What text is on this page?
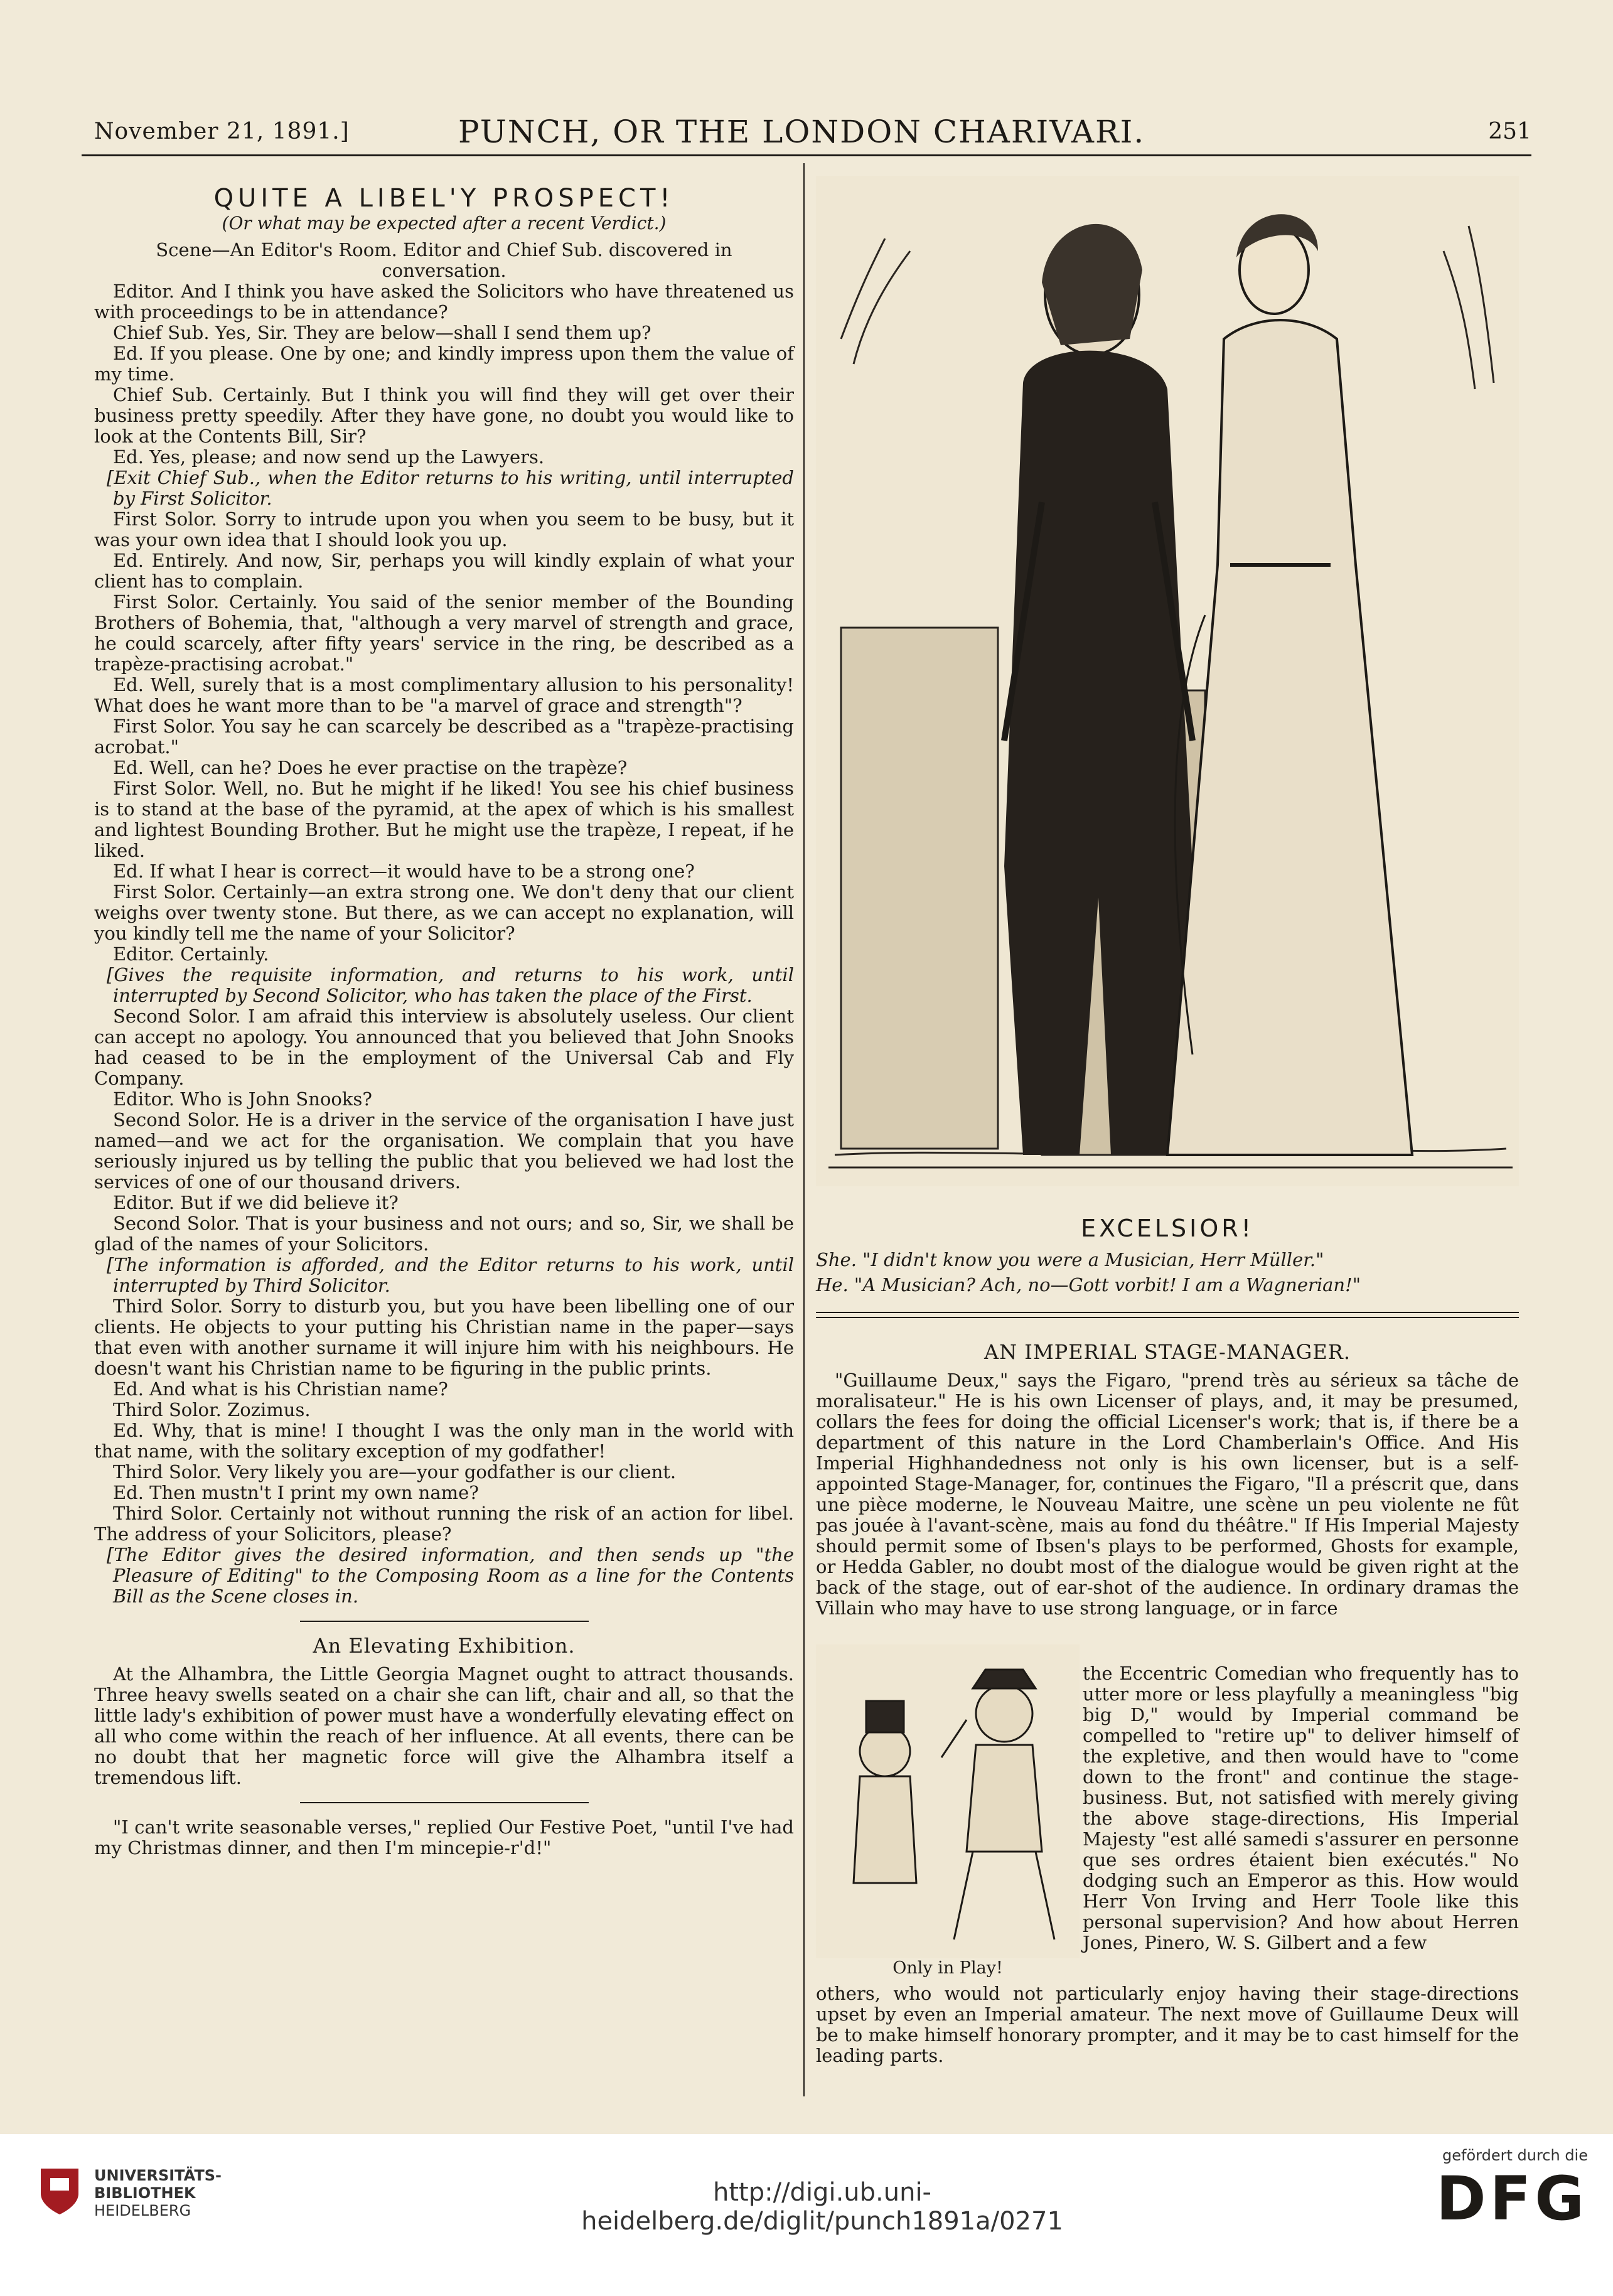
November 21, 1891.]	PUNCH, OR THE LONDON CHARIVARI.	251
QUITE A LIBEL'Y PROSPECT!
(Or what may be expected after a recent Verdict.)

Scene—An Editor's Room. Editor and Chief Sub. discovered in conversation.

Editor. And I think you have asked the Solicitors who have threatened us with proceedings to be in attendance?

Chief Sub. Yes, Sir. They are below—shall I send them up?

Ed. If you please. One by one; and kindly impress upon them the value of my time.

Chief Sub. Certainly. But I think you will find they will get over their business pretty speedily. After they have gone, no doubt you would like to look at the Contents Bill, Sir?

Ed. Yes, please; and now send up the Lawyers.

[Exit Chief Sub., when the Editor returns to his writing, until interrupted by First Solicitor.

First Solor. Sorry to intrude upon you when you seem to be busy, but it was your own idea that I should look you up.

Ed. Entirely. And now, Sir, perhaps you will kindly explain of what your client has to complain.

First Solor. Certainly. You said of the senior member of the Bounding Brothers of Bohemia, that, "although a very marvel of strength and grace, he could scarcely, after fifty years' service in the ring, be described as a trapèze-practising acrobat."

Ed. Well, surely that is a most complimentary allusion to his personality! What does he want more than to be "a marvel of grace and strength"?

First Solor. You say he can scarcely be described as a "trapèze-practising acrobat."

Ed. Well, can he? Does he ever practise on the trapèze?

First Solor. Well, no. But he might if he liked! You see his chief business is to stand at the base of the pyramid, at the apex of which is his smallest and lightest Bounding Brother. But he might use the trapèze, I repeat, if he liked.

Ed. If what I hear is correct—it would have to be a strong one?

First Solor. Certainly—an extra strong one. We don't deny that our client weighs over twenty stone. But there, as we can accept no explanation, will you kindly tell me the name of your Solicitor?

Editor. Certainly.

[Gives the requisite information, and returns to his work, until interrupted by Second Solicitor, who has taken the place of the First.

Second Solor. I am afraid this interview is absolutely useless. Our client can accept no apology. You announced that you believed that John Snooks had ceased to be in the employment of the Universal Cab and Fly Company.

Editor. Who is John Snooks?

Second Solor. He is a driver in the service of the organisation I have just named—and we act for the organisation. We complain that you have seriously injured us by telling the public that you believed we had lost the services of one of our thousand drivers.

Editor. But if we did believe it?

Second Solor. That is your business and not ours; and so, Sir, we shall be glad of the names of your Solicitors.

[The information is afforded, and the Editor returns to his work, until interrupted by Third Solicitor.

Third Solor. Sorry to disturb you, but you have been libelling one of our clients. He objects to your putting his Christian name in the paper—says that even with another surname it will injure him with his neighbours. He doesn't want his Christian name to be figuring in the public prints.

Ed. And what is his Christian name?

Third Solor. Zozimus.

Ed. Why, that is mine! I thought I was the only man in the world with that name, with the solitary exception of my godfather!

Third Solor. Very likely you are—your godfather is our client.

Ed. Then mustn't I print my own name?

Third Solor. Certainly not without running the risk of an action for libel. The address of your Solicitors, please?

[The Editor gives the desired information, and then sends up "the Pleasure of Editing" to the Composing Room as a line for the Contents Bill as the Scene closes in.

An Elevating Exhibition.

At the Alhambra, the Little Georgia Magnet ought to attract thousands. Three heavy swells seated on a chair she can lift, chair and all, so that the little lady's exhibition of power must have a wonderfully elevating effect on all who come within the reach of her influence. At all events, there can be no doubt that her magnetic force will give the Alhambra itself a tremendous lift.

"I can't write seasonable verses," replied Our Festive Poet, "until I've had my Christmas dinner, and then I'm mincepie-r'd!"

EXCELSIOR!
She. "I didn't know you were a Musician, Herr Müller."
He. "A Musician? Ach, no—Gott vorbit! I am a Wagnerian!"
AN IMPERIAL STAGE-MANAGER.

"Guillaume Deux," says the Figaro, "prend très au sérieux sa tâche de moralisateur." He is his own Licenser of plays, and, it may be presumed, collars the fees for doing the official Licenser's work; that is, if there be a department of this nature in the Lord Chamberlain's Office. And His Imperial Highhandedness not only is his own licenser, but is a self-appointed Stage-Manager, for, continues the Figaro, "Il a préscrit que, dans une pièce moderne, le Nouveau Maitre, une scène un peu violente ne fût pas jouée à l'avant-scène, mais au fond du théâtre." If His Imperial Majesty should permit some of Ibsen's plays to be performed, Ghosts for example, or Hedda Gabler, no doubt most of the dialogue would be given right at the back of the stage, out of ear-shot of the audience. In ordinary dramas the Villain who may have to use strong language, or in farce

the Eccentric Comedian who frequently has to utter more or less playfully a meaningless "big big D," would by Imperial command be compelled to "retire up" to deliver himself of the expletive, and then would have to "come down to the front" and continue the stage-business. But, not satisfied with merely giving the above stage-directions, His Imperial Majesty "est allé samedi s'assurer en personne que ses ordres étaient bien exécutés." No dodging such an Emperor as this. How would Herr Von Irving and Herr Toole like this personal supervision? And how about Herren Jones, Pinero, W. S. Gilbert and a few

Only in Play!

others, who would not particularly enjoy having their stage-directions upset by even an Imperial amateur. The next move of Guillaume Deux will be to make himself honorary prompter, and it may be to cast himself for the leading parts.

UNIVERSITÄTS-
BIBLIOTHEK
HEIDELBERG
http://digi.ub.uni-heidelberg.de/diglit/punch1891a/0271
gefördert durch die
DFG
